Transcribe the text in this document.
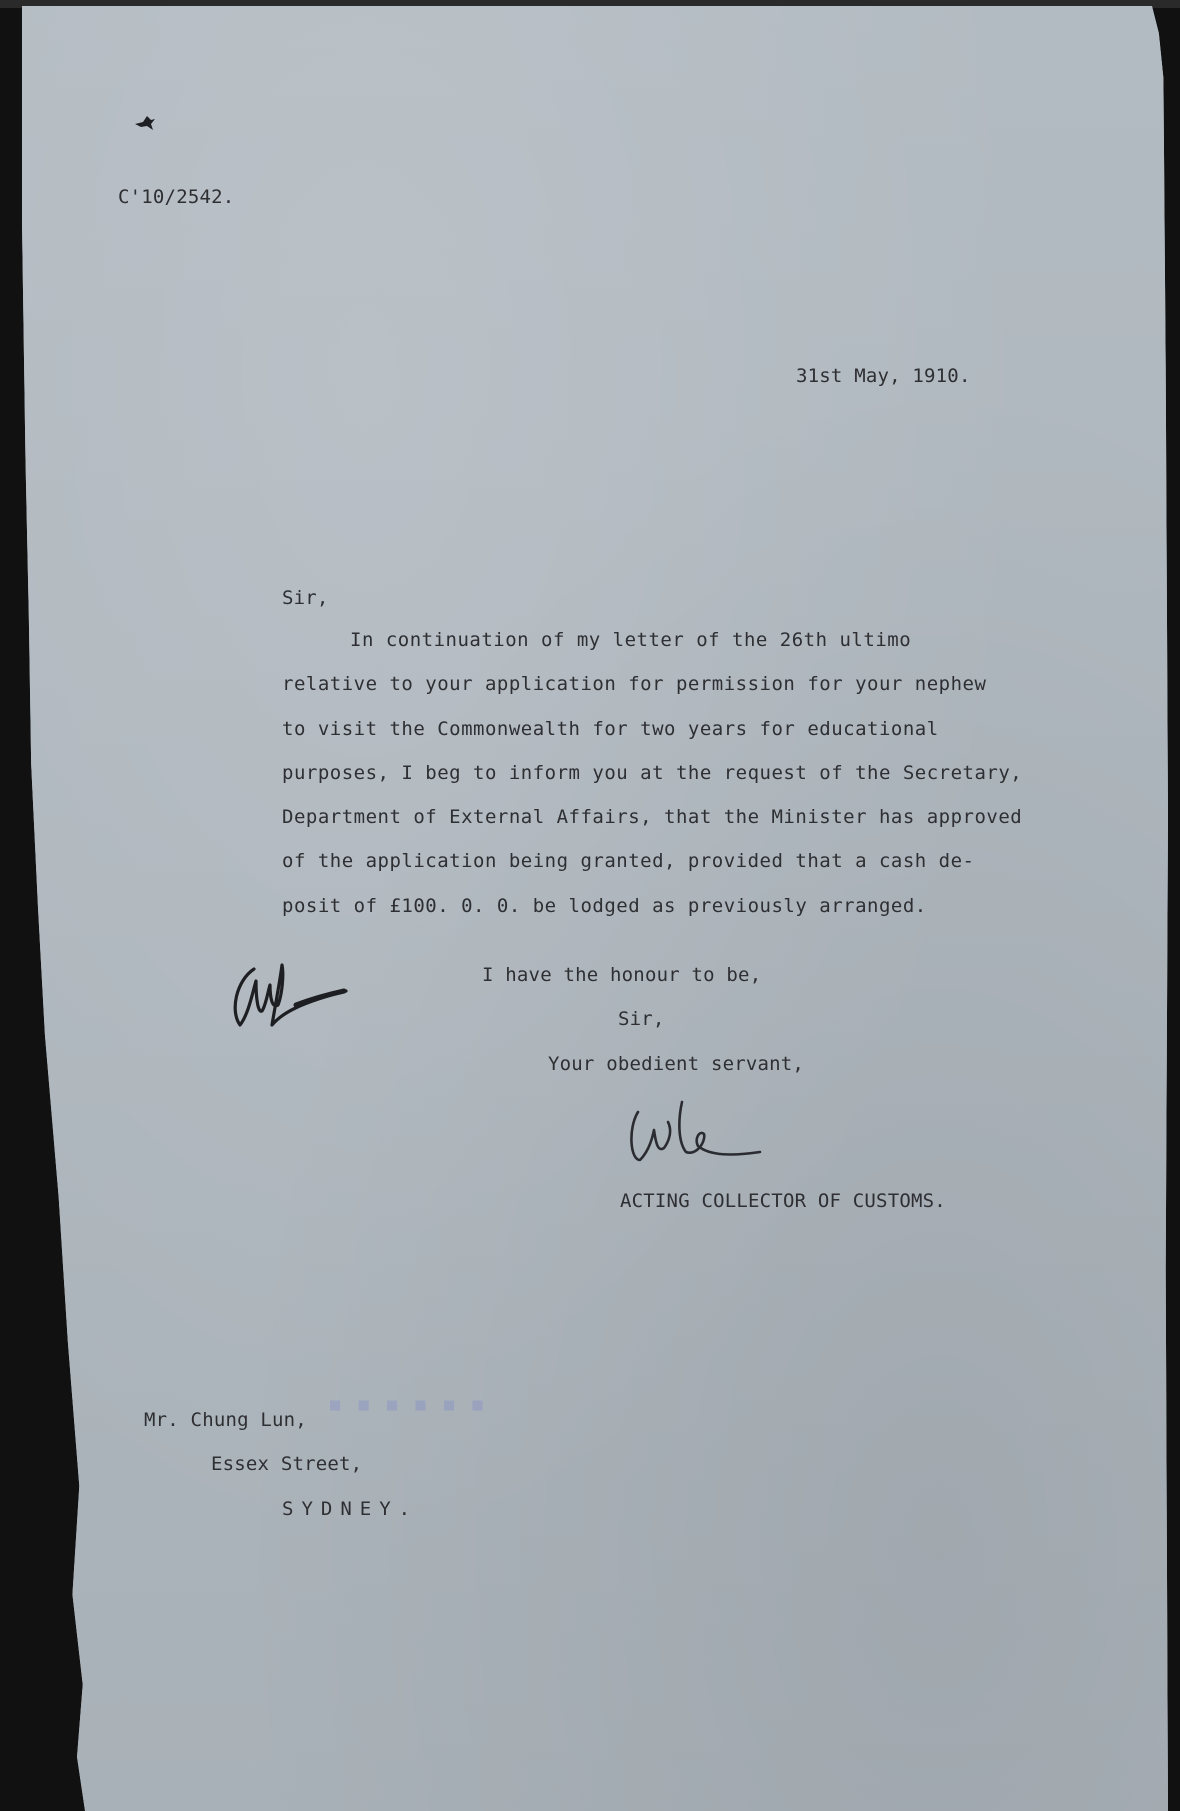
C'10/2542.
31st May, 1910.
Sir,
In continuation of my letter of the 26th ultimo
relative to your application for permission for your nephew
to visit the Commonwealth for two years for educational
purposes, I beg to inform you at the request of the Secretary,
Department of External Affairs, that the Minister has approved
of the application being granted, provided that a cash de-
posit of £100. 0. 0. be lodged as previously arranged.
I have the honour to be,
Sir,
Your obedient servant,
ACTING COLLECTOR OF CUSTOMS.
■ ■ ■ ■ ■ ■
Mr. Chung Lun,
Essex Street,
SYDNEY.
